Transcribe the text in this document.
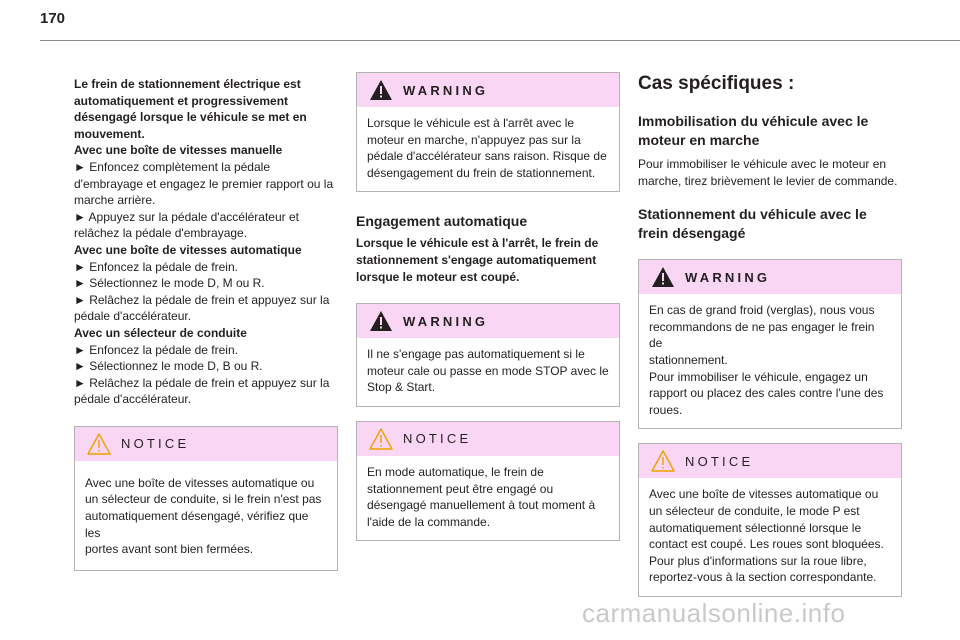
170

Le frein de stationnement électrique est

automatiquement et progressivement

désengagé lorsque le véhicule se met en

mouvement.

Avec une boîte de vitesses manuelle

► Enfoncez complètement la pédale

d'embrayage et engagez le premier rapport ou la

marche arrière.

► Appuyez sur la pédale d'accélérateur et

relâchez la pédale d'embrayage.

Avec une boîte de vitesses automatique

► Enfoncez la pédale de frein.

► Sélectionnez le mode D, M ou R.

► Relâchez la pédale de frein et appuyez sur la

pédale d'accélérateur.

Avec un sélecteur de conduite

► Enfoncez la pédale de frein.

► Sélectionnez le mode D, B ou R.

► Relâchez la pédale de frein et appuyez sur la

pédale d'accélérateur.

NOTICE
Avec une boîte de vitesses automatique ou
un sélecteur de conduite, si le frein n'est pas
automatiquement désengagé, vérifiez que les
portes avant sont bien fermées.
WARNING
Lorsque le véhicule est à l'arrêt avec le
moteur en marche, n'appuyez pas sur la
pédale d'accélérateur sans raison. Risque de
désengagement du frein de stationnement.
Engagement automatique

Lorsque le véhicule est à l'arrêt, le frein de

stationnement s'engage automatiquement

lorsque le moteur est coupé.

WARNING
Il ne s'engage pas automatiquement si le
moteur cale ou passe en mode STOP avec le
Stop & Start.
NOTICE
En mode automatique, le frein de
stationnement peut être engagé ou
désengagé manuellement à tout moment à
l'aide de la commande.
Cas spécifiques :
Immobilisation du véhicule avec le
moteur en marche

Pour immobiliser le véhicule avec le moteur en

marche, tirez brièvement le levier de commande.

Stationnement du véhicule avec le
frein désengagé
WARNING
En cas de grand froid (verglas), nous vous
recommandons de ne pas engager le frein de
stationnement.
Pour immobiliser le véhicule, engagez un
rapport ou placez des cales contre l'une des
roues.
NOTICE
Avec une boîte de vitesses automatique ou
un sélecteur de conduite, le mode P est
automatiquement sélectionné lorsque le
contact est coupé. Les roues sont bloquées.
Pour plus d'informations sur la roue libre,
reportez-vous à la section correspondante.
carmanualsonline.info
